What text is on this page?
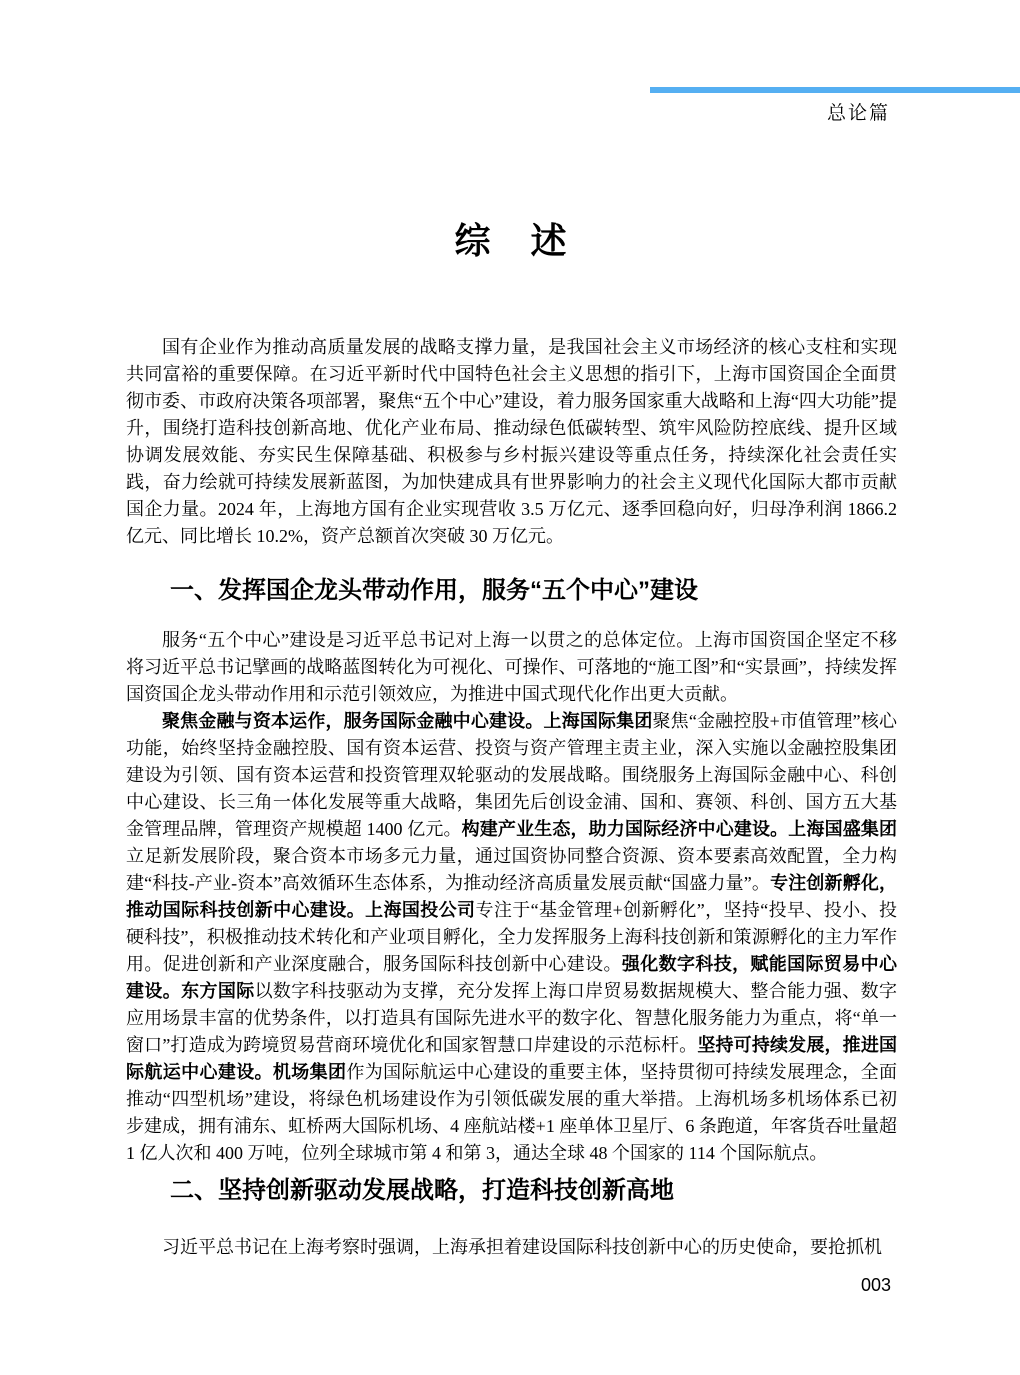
总论篇
综　述

国有企业作为推动高质量发展的战略支撑力量，是我国社会主义市场经济的核心支柱和实现共同富裕的重要保障。在习近平新时代中国特色社会主义思想的指引下，上海市国资国企全面贯彻市委、市政府决策各项部署，聚焦“五个中心”建设，着力服务国家重大战略和上海“四大功能”提升，围绕打造科技创新高地、优化产业布局、推动绿色低碳转型、筑牢风险防控底线、提升区域协调发展效能、夯实民生保障基础、积极参与乡村振兴建设等重点任务，持续深化社会责任实践，奋力绘就可持续发展新蓝图，为加快建成具有世界影响力的社会主义现代化国际大都市贡献国企力量。2024 年，上海地方国有企业实现营收 3.5 万亿元、逐季回稳向好，归母净利润 1866.2 亿元、同比增长 10.2%，资产总额首次突破 30 万亿元。

一、发挥国企龙头带动作用，服务“五个中心”建设

服务“五个中心”建设是习近平总书记对上海一以贯之的总体定位。上海市国资国企坚定不移将习近平总书记擘画的战略蓝图转化为可视化、可操作、可落地的“施工图”和“实景画”，持续发挥国资国企龙头带动作用和示范引领效应，为推进中国式现代化作出更大贡献。

聚焦金融与资本运作，服务国际金融中心建设。上海国际集团聚焦“金融控股+市值管理”核心功能，始终坚持金融控股、国有资本运营、投资与资产管理主责主业，深入实施以金融控股集团建设为引领、国有资本运营和投资管理双轮驱动的发展战略。围绕服务上海国际金融中心、科创中心建设、长三角一体化发展等重大战略，集团先后创设金浦、国和、赛领、科创、国方五大基金管理品牌，管理资产规模超 1400 亿元。构建产业生态，助力国际经济中心建设。上海国盛集团立足新发展阶段，聚合资本市场多元力量，通过国资协同整合资源、资本要素高效配置，全力构建“科技-产业-资本”高效循环生态体系，为推动经济高质量发展贡献“国盛力量”。专注创新孵化，推动国际科技创新中心建设。上海国投公司专注于“基金管理+创新孵化”，坚持“投早、投小、投硬科技”，积极推动技术转化和产业项目孵化，全力发挥服务上海科技创新和策源孵化的主力军作用。促进创新和产业深度融合，服务国际科技创新中心建设。强化数字科技，赋能国际贸易中心建设。东方国际以数字科技驱动为支撑，充分发挥上海口岸贸易数据规模大、整合能力强、数字应用场景丰富的优势条件，以打造具有国际先进水平的数字化、智慧化服务能力为重点，将“单一窗口”打造成为跨境贸易营商环境优化和国家智慧口岸建设的示范标杆。坚持可持续发展，推进国际航运中心建设。机场集团作为国际航运中心建设的重要主体，坚持贯彻可持续发展理念，全面推动“四型机场”建设，将绿色机场建设作为引领低碳发展的重大举措。上海机场多机场体系已初步建成，拥有浦东、虹桥两大国际机场、4 座航站楼+1 座单体卫星厅、6 条跑道，年客货吞吐量超 1 亿人次和 400 万吨，位列全球城市第 4 和第 3，通达全球 48 个国家的 114 个国际航点。

二、坚持创新驱动发展战略，打造科技创新高地

习近平总书记在上海考察时强调，上海承担着建设国际科技创新中心的历史使命，要抢抓机

003
